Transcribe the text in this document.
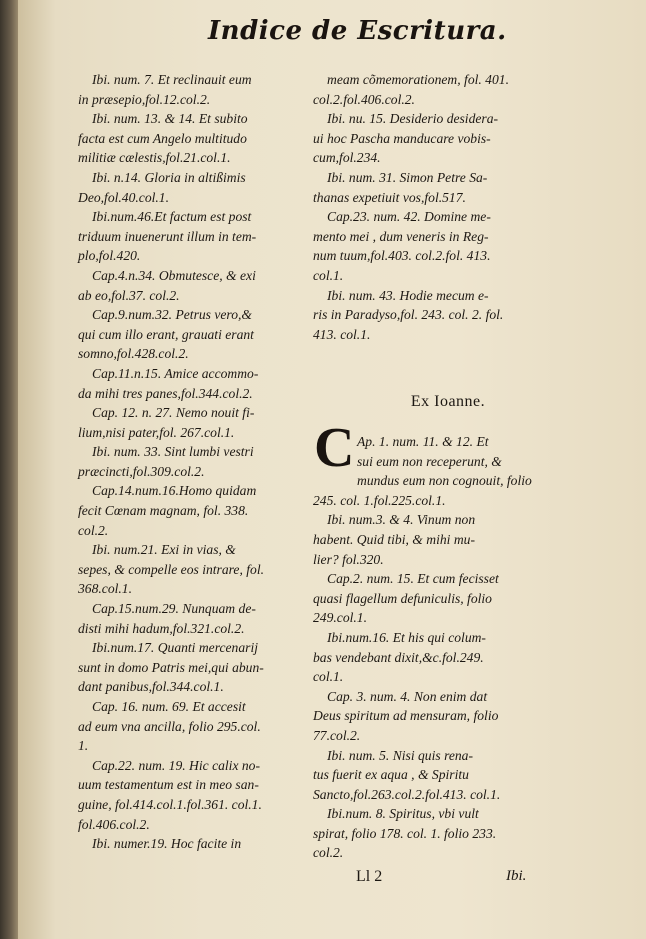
Indice de Escritura.
Ibi. num. 7. Et reclinauit eum
in præsepio,fol.12.col.2.
Ibi. num. 13. & 14. Et subito
facta est cum Angelo multitudo
militiæ cælestis,fol.21.col.1.
Ibi. n.14. Gloria in altißimis
Deo,fol.40.col.1.
Ibi.num.46.Et factum est post
triduum inuenerunt illum in tem-
plo,fol.420.
Cap.4.n.34. Obmutesce, & exi
ab eo,fol.37. col.2.
Cap.9.num.32. Petrus vero,&
qui cum illo erant, grauati erant
somno,fol.428.col.2.
Cap.11.n.15. Amice accommo-
da mihi tres panes,fol.344.col.2.
Cap. 12. n. 27. Nemo nouit fi-
lium,nisi pater,fol. 267.col.1.
Ibi. num. 33. Sint lumbi vestri
præcincti,fol.309.col.2.
Cap.14.num.16.Homo quidam
fecit Cœnam magnam, fol. 338.
col.2.
Ibi. num.21. Exi in vias, &
sepes, & compelle eos intrare, fol.
368.col.1.
Cap.15.num.29. Nunquam de-
disti mihi hadum,fol.321.col.2.
Ibi.num.17. Quanti mercenarij
sunt in domo Patris mei,qui abun-
dant panibus,fol.344.col.1.
Cap. 16. num. 69. Et accesit
ad eum vna ancilla, folio 295.col.
1.
Cap.22. num. 19. Hic calix no-
uum testamentum est in meo san-
guine, fol.414.col.1.fol.361. col.1.
fol.406.col.2.
Ibi. numer.19. Hoc facite in
meam cõmemorationem, fol. 401.
col.2.fol.406.col.2.
Ibi. nu. 15. Desiderio desidera-
ui hoc Pascha manducare vobis-
cum,fol.234.
Ibi. num. 31. Simon Petre Sa-
thanas expetiuit vos,fol.517.
Cap.23. num. 42. Domine me-
mento mei , dum veneris in Reg-
num tuum,fol.403. col.2.fol. 413.
col.1.
Ibi. num. 43. Hodie mecum e-
ris in Paradyso,fol. 243. col. 2. fol.
413. col.1.
Ex Ioanne.
C Ap. 1. num. 11. & 12. Et
sui eum non receperunt, &
mundus eum non cognouit, folio
245. col. 1.fol.225.col.1.
Ibi. num.3. & 4. Vinum non
habent. Quid tibi, & mihi mu-
lier? fol.320.
Cap.2. num. 15. Et cum fecisset
quasi flagellum defuniculis, folio
249.col.1.
Ibi.num.16. Et his qui colum-
bas vendebant dixit,&c.fol.249.
col.1.
Cap. 3. num. 4. Non enim dat
Deus spiritum ad mensuram, folio
77.col.2.
Ibi. num. 5. Nisi quis rena-
tus fuerit ex aqua , & Spiritu
Sancto,fol.263.col.2.fol.413. col.1.
Ibi.num. 8. Spiritus, vbi vult
spirat, folio 178. col. 1. folio 233.
col.2.
Ll 2	Ibi.
